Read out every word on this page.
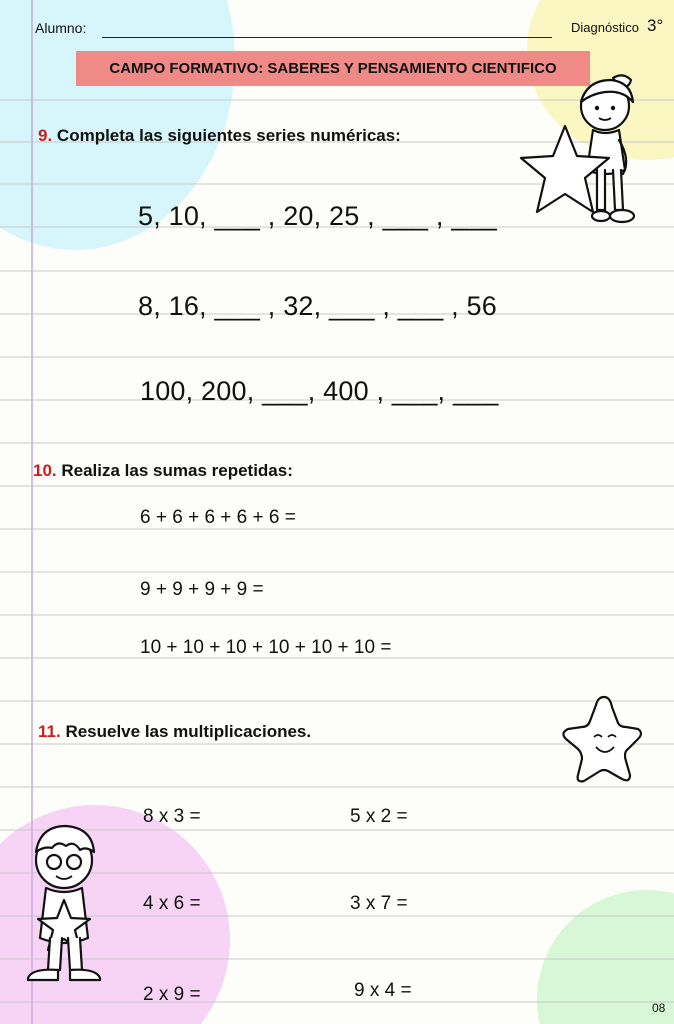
Alumno:	Diagnóstico 3°
CAMPO FORMATIVO: SABERES Y PENSAMIENTO CIENTIFICO
9. Completa las siguientes series numéricas:
5, 10, ___ , 20, 25 , ___ , ___
8, 16, ___ , 32, ___ , ___ , 56
100, 200, ___, 400 , ___, ___
10. Realiza las sumas repetidas:
6 + 6 + 6 + 6 + 6 =
9 + 9 + 9 + 9 =
10 + 10 + 10 + 10 + 10 + 10 =
11. Resuelve las multiplicaciones.
8 x 3 =
4 x 6 =
2 x 9 =
5 x 2 =
3 x 7 =
9 x 4 =
08
